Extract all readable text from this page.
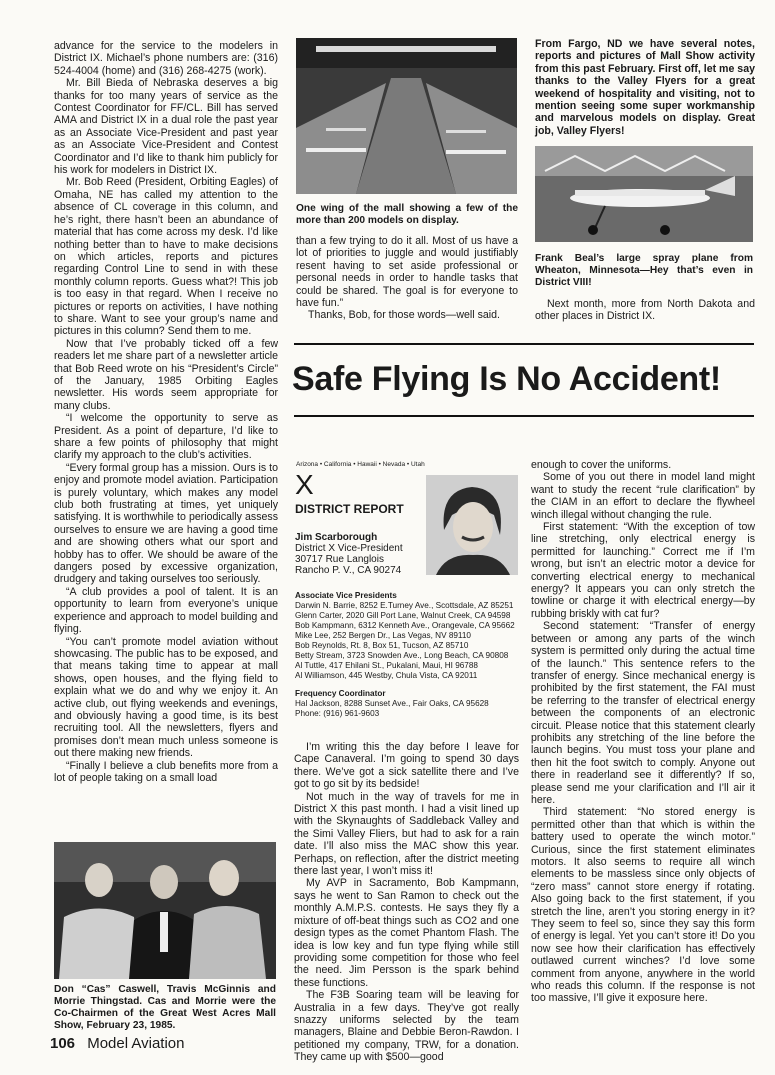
advance for the service to the modelers in District IX. Michael’s phone numbers are: (316) 524-4004 (home) and (316) 268-4275 (work).

Mr. Bill Bieda of Nebraska deserves a big thanks for too many years of service as the Contest Coordinator for FF/CL. Bill has served AMA and District IX in a dual role the past year as an Associate Vice-President and past year as an Associate Vice-President and Contest Coordinator and I’d like to thank him publicly for his work for modelers in District IX.

Mr. Bob Reed (President, Orbiting Eagles) of Omaha, NE has called my attention to the absence of CL coverage in this column, and he’s right, there hasn’t been an abundance of material that has come across my desk. I’d like nothing better than to have to make decisions on which articles, reports and pictures regarding Control Line to send in with these monthly column reports. Guess what?! This job is too easy in that regard. When I receive no pictures or reports on activities, I have nothing to share. Want to see your group’s name and pictures in this column? Send them to me.

Now that I’ve probably ticked off a few readers let me share part of a newsletter article that Bob Reed wrote on his “President’s Circle” of the January, 1985 Orbiting Eagles newsletter. His words seem appropriate for many clubs.

“I welcome the opportunity to serve as President. As a point of departure, I’d like to share a few points of philosophy that might clarify my approach to the club’s activities.

“Every formal group has a mission. Ours is to enjoy and promote model aviation. Participation is purely voluntary, which makes any model club both frustrating at times, yet uniquely satisfying. It is worthwhile to periodically assess ourselves to ensure we are having a good time and are showing others what our sport and hobby has to offer. We should be aware of the dangers posed by excessive organization, drudgery and taking ourselves too seriously.

“A club provides a pool of talent. It is an opportunity to learn from everyone’s unique experience and approach to model building and flying.

“You can’t promote model aviation without showcasing. The public has to be exposed, and that means taking time to appear at mall shows, open houses, and the flying field to explain what we do and why we enjoy it. An active club, out flying weekends and evenings, and obviously having a good time, is its best recruiting tool. All the newsletters, flyers and promises don’t mean much unless someone is out there making new friends.

“Finally I believe a club benefits more from a lot of people taking on a small load

Don “Cas” Caswell, Travis McGinnis and Morrie Thingstad. Cas and Morrie were the Co-Chairmen of the Great West Acres Mall Show, February 23, 1985.
One wing of the mall showing a few of the more than 200 models on display.

than a few trying to do it all. Most of us have a lot of priorities to juggle and would justifiably resent having to set aside professional or personal needs in order to handle tasks that could be shared. The goal is for everyone to have fun.”

Thanks, Bob, for those words—well said.

From Fargo, ND we have several notes, reports and pictures of Mall Show activity from this past February. First off, let me say thanks to the Valley Flyers for a great weekend of hospitality and visiting, not to mention seeing some super workmanship and marvelous models on display. Great job, Valley Flyers!

Frank Beal’s large spray plane from Wheaton, Minnesota—Hey that’s even in District VIII!

Next month, more from North Dakota and other places in District IX.

Safe Flying Is No Accident!
Arizona • California • Hawaii • Nevada • Utah
X
DISTRICT REPORT
Jim Scarborough
District X Vice-President
30717 Rue Langlois
Rancho P. V., CA 90274
Associate Vice Presidents
Darwin N. Barrie, 8252 E.Turney Ave., Scottsdale, AZ 85251
Glenn Carter, 2020 Gill Port Lane, Walnut Creek, CA 94598
Bob Kampmann, 6312 Kenneth Ave., Orangevale, CA 95662
Mike Lee, 252 Bergen Dr., Las Vegas, NV 89110
Bob Reynolds, Rt. 8, Box 51, Tucson, AZ 85710
Betty Stream, 3723 Snowden Ave., Long Beach, CA 90808
Al Tuttle, 417 Ehilani St., Pukalani, Maui, HI 96788
Al Williamson, 445 Westby, Chula Vista, CA 92011
Frequency Coordinator
Hal Jackson, 8288 Sunset Ave., Fair Oaks, CA 95628
Phone: (916) 961-9603

I’m writing this the day before I leave for Cape Canaveral. I’m going to spend 30 days there. We’ve got a sick satellite there and I’ve got to go sit by its bedside!

Not much in the way of travels for me in District X this past month. I had a visit lined up with the Skynaughts of Saddleback Valley and the Simi Valley Fliers, but had to ask for a rain date. I’ll also miss the MAC show this year. Perhaps, on reflection, after the district meeting there last year, I won’t miss it!

My AVP in Sacramento, Bob Kampmann, says he went to San Ramon to check out the monthly A.M.P.S. contests. He says they fly a mixture of off-beat things such as CO2 and one design types as the comet Phantom Flash. The idea is low key and fun type flying while still providing some competition for those who feel the need. Jim Persson is the spark behind these functions.

The F3B Soaring team will be leaving for Australia in a few days. They’ve got really snazzy uniforms selected by the team managers, Blaine and Debbie Beron-Rawdon. I petitioned my company, TRW, for a donation. They came up with $500—good

enough to cover the uniforms.

Some of you out there in model land might want to study the recent “rule clarification” by the CIAM in an effort to declare the flywheel winch illegal without changing the rule.

First statement: “With the exception of tow line stretching, only electrical energy is permitted for launching.” Correct me if I’m wrong, but isn’t an electric motor a device for converting electrical energy to mechanical energy? It appears you can only stretch the towline or charge it with electrical energy—by rubbing briskly with cat fur?

Second statement: “Transfer of energy between or among any parts of the winch system is permitted only during the actual time of the launch.” This sentence refers to the transfer of energy. Since mechanical energy is prohibited by the first statement, the FAI must be referring to the transfer of electrical energy between the components of an electronic circuit. Please notice that this statement clearly prohibits any stretching of the line before the launch begins. You must toss your plane and then hit the foot switch to comply. Anyone out there in readerland see it differently? If so, please send me your clarification and I’ll air it here.

Third statement: “No stored energy is permitted other than that which is within the battery used to operate the winch motor.” Curious, since the first statement eliminates motors. It also seems to require all winch elements to be massless since only objects of “zero mass” cannot store energy if rotating. Also going back to the first statement, if you stretch the line, aren’t you storing energy in it? They seem to feel so, since they say this form of energy is legal. Yet you can’t store it! Do you now see how their clarification has effectively outlawed current winches? I’d love some comment from anyone, anywhere in the world who reads this column. If the response is not too massive, I’ll give it exposure here.

106 Model Aviation
